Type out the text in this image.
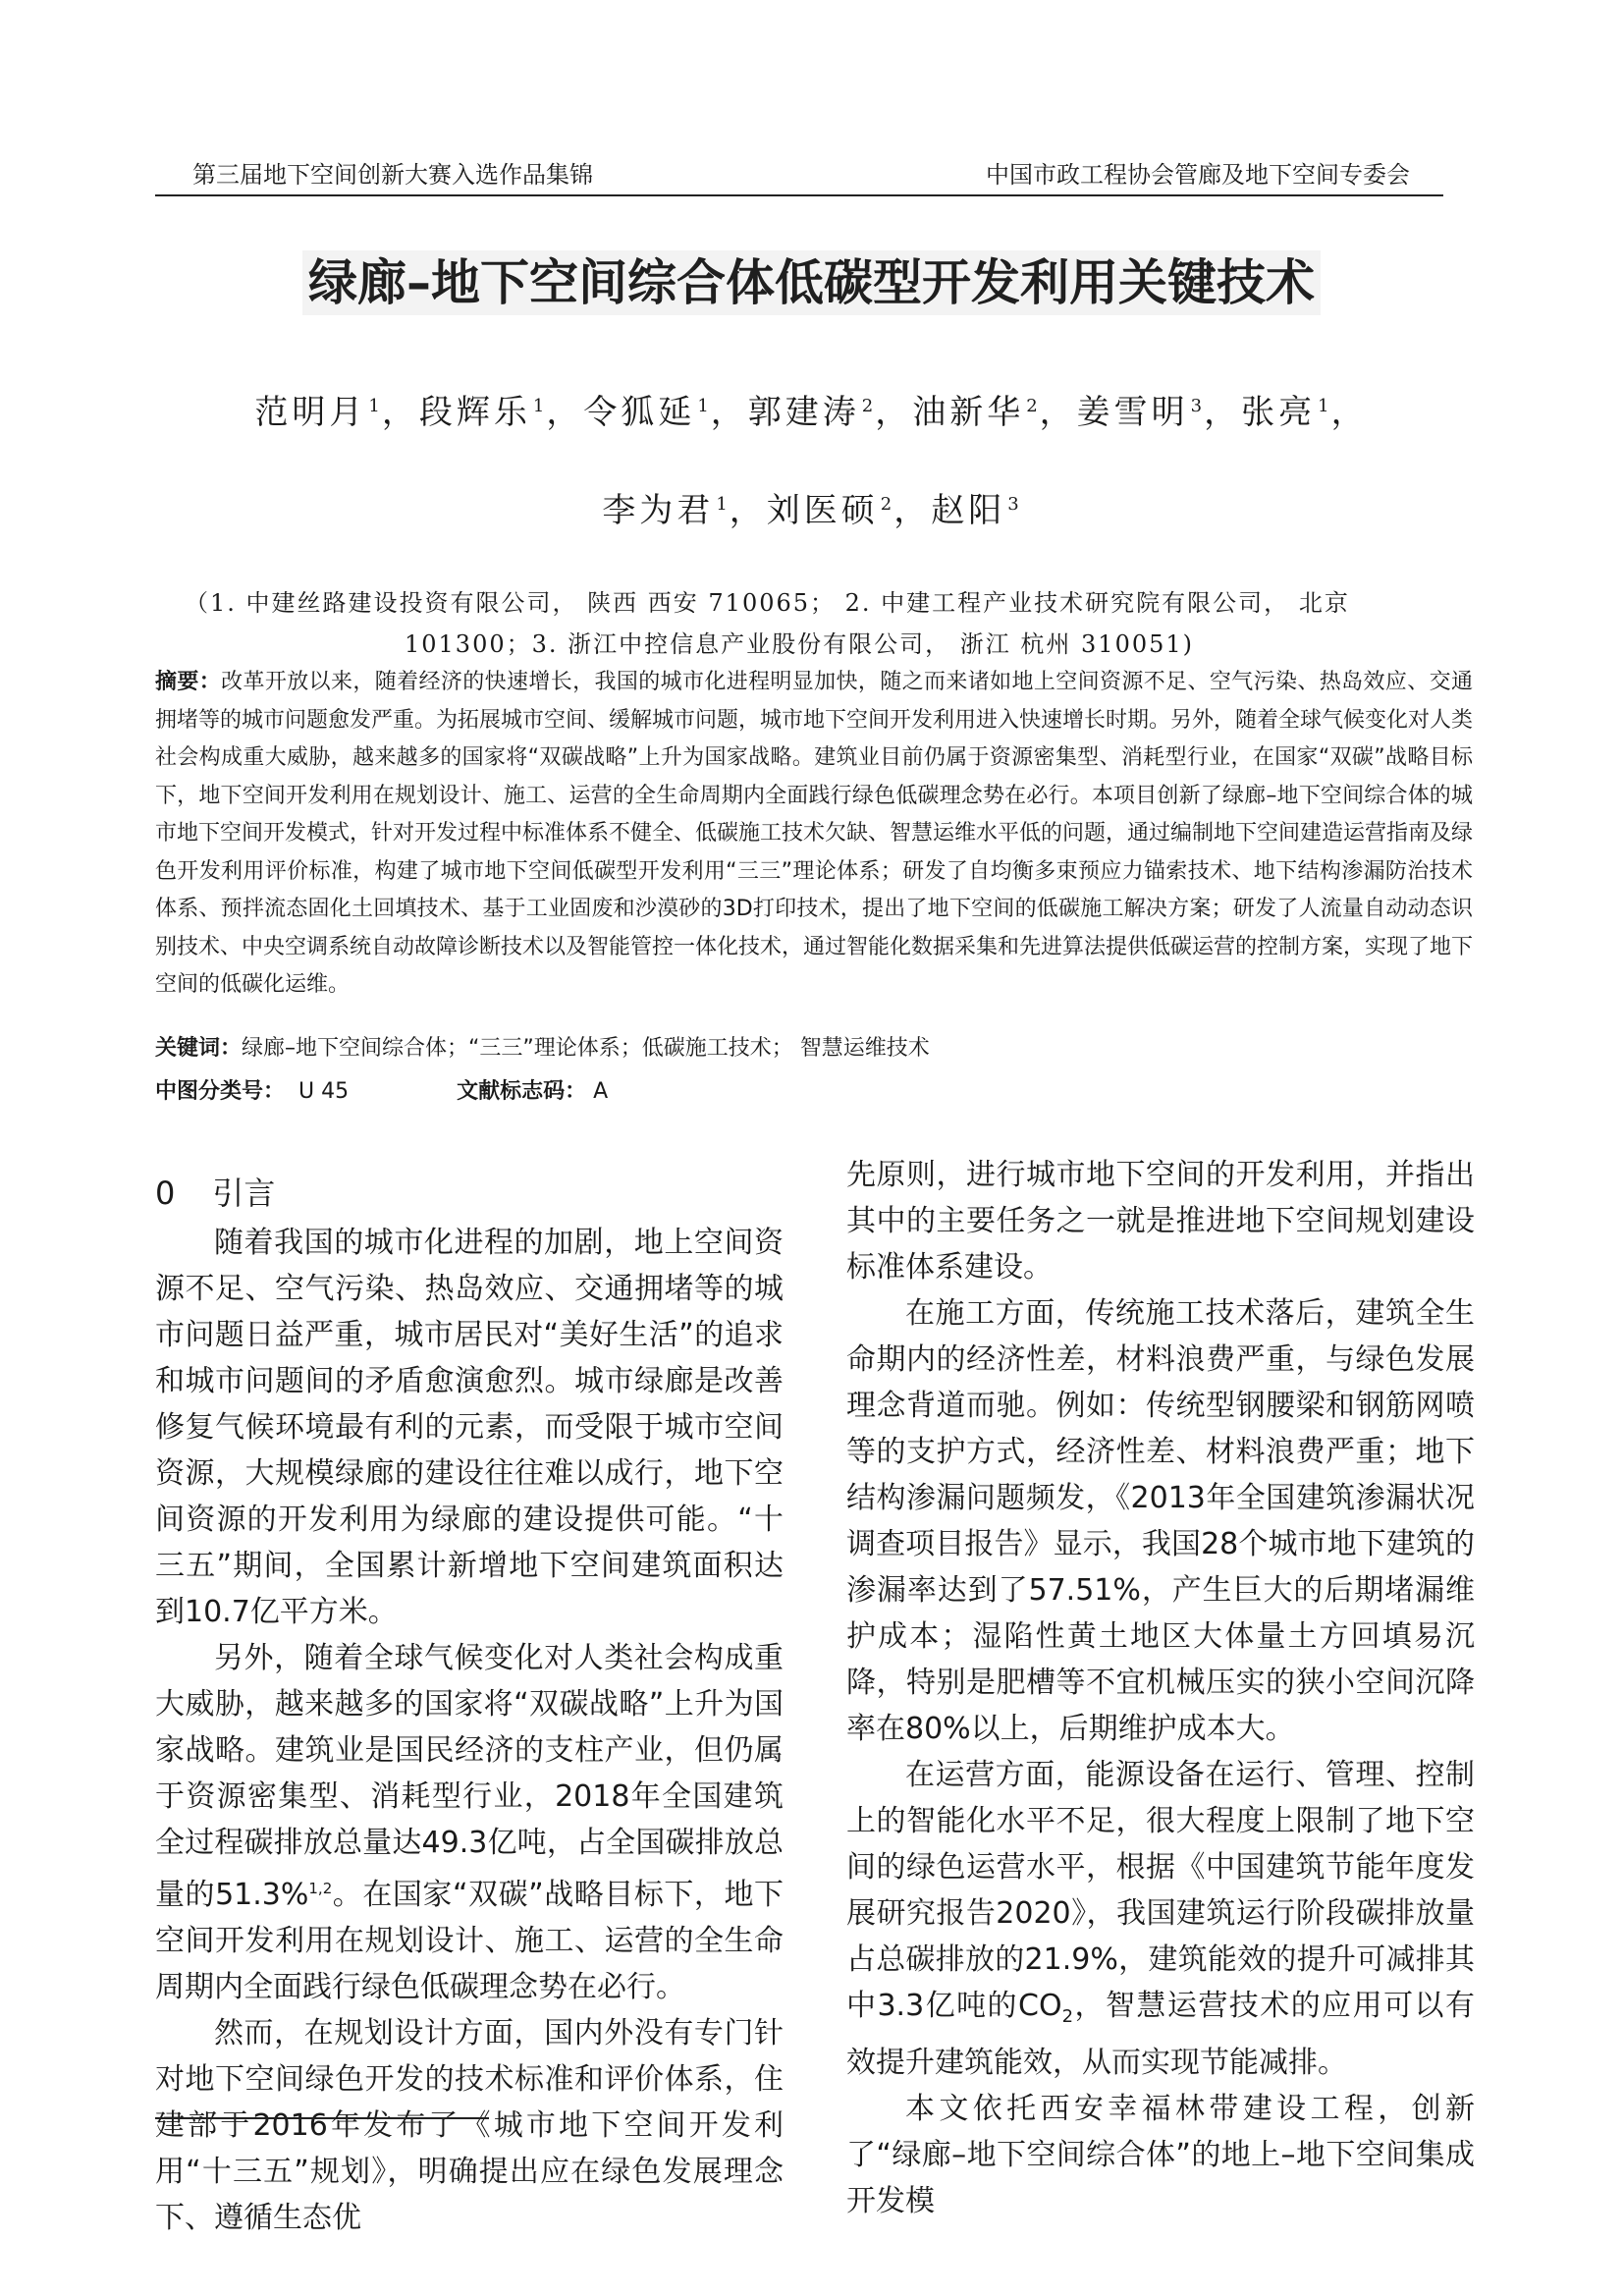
第三届地下空间创新大赛入选作品集锦	中国市政工程协会管廊及地下空间专委会
绿廊–地下空间综合体低碳型开发利用关键技术
范明月 $^1$，段辉乐 $^1$，令狐延 $^1$，郭建涛 $^2$，油新华 $^2$，姜雪明 $^3$，张亮 $^1$，
李为君 $^1$，刘医硕 $^2$，赵阳 $^3$
（1. 中建丝路建设投资有限公司， 陕西 西安 710065； 2. 中建工程产业技术研究院有限公司， 北京
101300；3. 浙江中控信息产业股份有限公司， 浙江 杭州 310051)
摘要：改革开放以来，随着经济的快速增长，我国的城市化进程明显加快，随之而来诸如地上空间资源不足、空气污染、热岛效应、交通拥堵等的城市问题愈发严重。为拓展城市空间、缓解城市问题，城市地下空间开发利用进入快速增长时期。另外，随着全球气候变化对人类社会构成重大威胁，越来越多的国家将“双碳战略”上升为国家战略。建筑业目前仍属于资源密集型、消耗型行业，在国家“双碳”战略目标下，地下空间开发利用在规划设计、施工、运营的全生命周期内全面践行绿色低碳理念势在必行。本项目创新了绿廊–地下空间综合体的城市地下空间开发模式，针对开发过程中标准体系不健全、低碳施工技术欠缺、智慧运维水平低的问题，通过编制地下空间建造运营指南及绿色开发利用评价标准，构建了城市地下空间低碳型开发利用“三三”理论体系；研发了自均衡多束预应力锚索技术、地下结构渗漏防治技术体系、预拌流态固化土回填技术、基于工业固废和沙漠砂的3D打印技术，提出了地下空间的低碳施工解决方案；研发了人流量自动动态识别技术、中央空调系统自动故障诊断技术以及智能管控一体化技术，通过智能化数据采集和先进算法提供低碳运营的控制方案，实现了地下空间的低碳化运维。
关键词：绿廊–地下空间综合体；“三三”理论体系；低碳施工技术； 智慧运维技术
中图分类号： U 45	文献标志码： A
0 引言

随着我国的城市化进程的加剧，地上空间资源不足、空气污染、热岛效应、交通拥堵等的城市问题日益严重，城市居民对“美好生活”的追求和城市问题间的矛盾愈演愈烈。城市绿廊是改善修复气候环境最有利的元素，而受限于城市空间资源，大规模绿廊的建设往往难以成行，地下空间资源的开发利用为绿廊的建设提供可能。“十三五”期间，全国累计新增地下空间建筑面积达到10.7亿平方米。

另外，随着全球气候变化对人类社会构成重大威胁，越来越多的国家将“双碳战略”上升为国家战略。建筑业是国民经济的支柱产业，但仍属于资源密集型、消耗型行业，2018年全国建筑全过程碳排放总量达49.3亿吨，占全国碳排放总量的51.3%$^{1,2}$。在国家“双碳”战略目标下，地下空间开发利用在规划设计、施工、运营的全生命周期内全面践行绿色低碳理念势在必行。

然而，在规划设计方面，国内外没有专门针对地下空间绿色开发的技术标准和评价体系，住建部于2016年发布了《城市地下空间开发利用“十三五”规划》，明确提出应在绿色发展理念下、遵循生态优

先原则，进行城市地下空间的开发利用，并指出其中的主要任务之一就是推进地下空间规划建设标准体系建设。

在施工方面，传统施工技术落后，建筑全生命期内的经济性差，材料浪费严重，与绿色发展理念背道而驰。例如：传统型钢腰梁和钢筋网喷等的支护方式，经济性差、材料浪费严重；地下结构渗漏问题频发，《2013年全国建筑渗漏状况调查项目报告》显示，我国28个城市地下建筑的渗漏率达到了57.51%，产生巨大的后期堵漏维护成本；湿陷性黄土地区大体量土方回填易沉降，特别是肥槽等不宜机械压实的狭小空间沉降率在80%以上，后期维护成本大。

在运营方面，能源设备在运行、管理、控制上的智能化水平不足，很大程度上限制了地下空间的绿色运营水平，根据《中国建筑节能年度发展研究报告2020》，我国建筑运行阶段碳排放量占总碳排放的21.9%，建筑能效的提升可减排其中3.3亿吨的$CO_2$，智慧运营技术的应用可以有效提升建筑能效，从而实现节能减排。

本文依托西安幸福林带建设工程，创新了“绿廊–地下空间综合体”的地上–地下空间集成开发模
